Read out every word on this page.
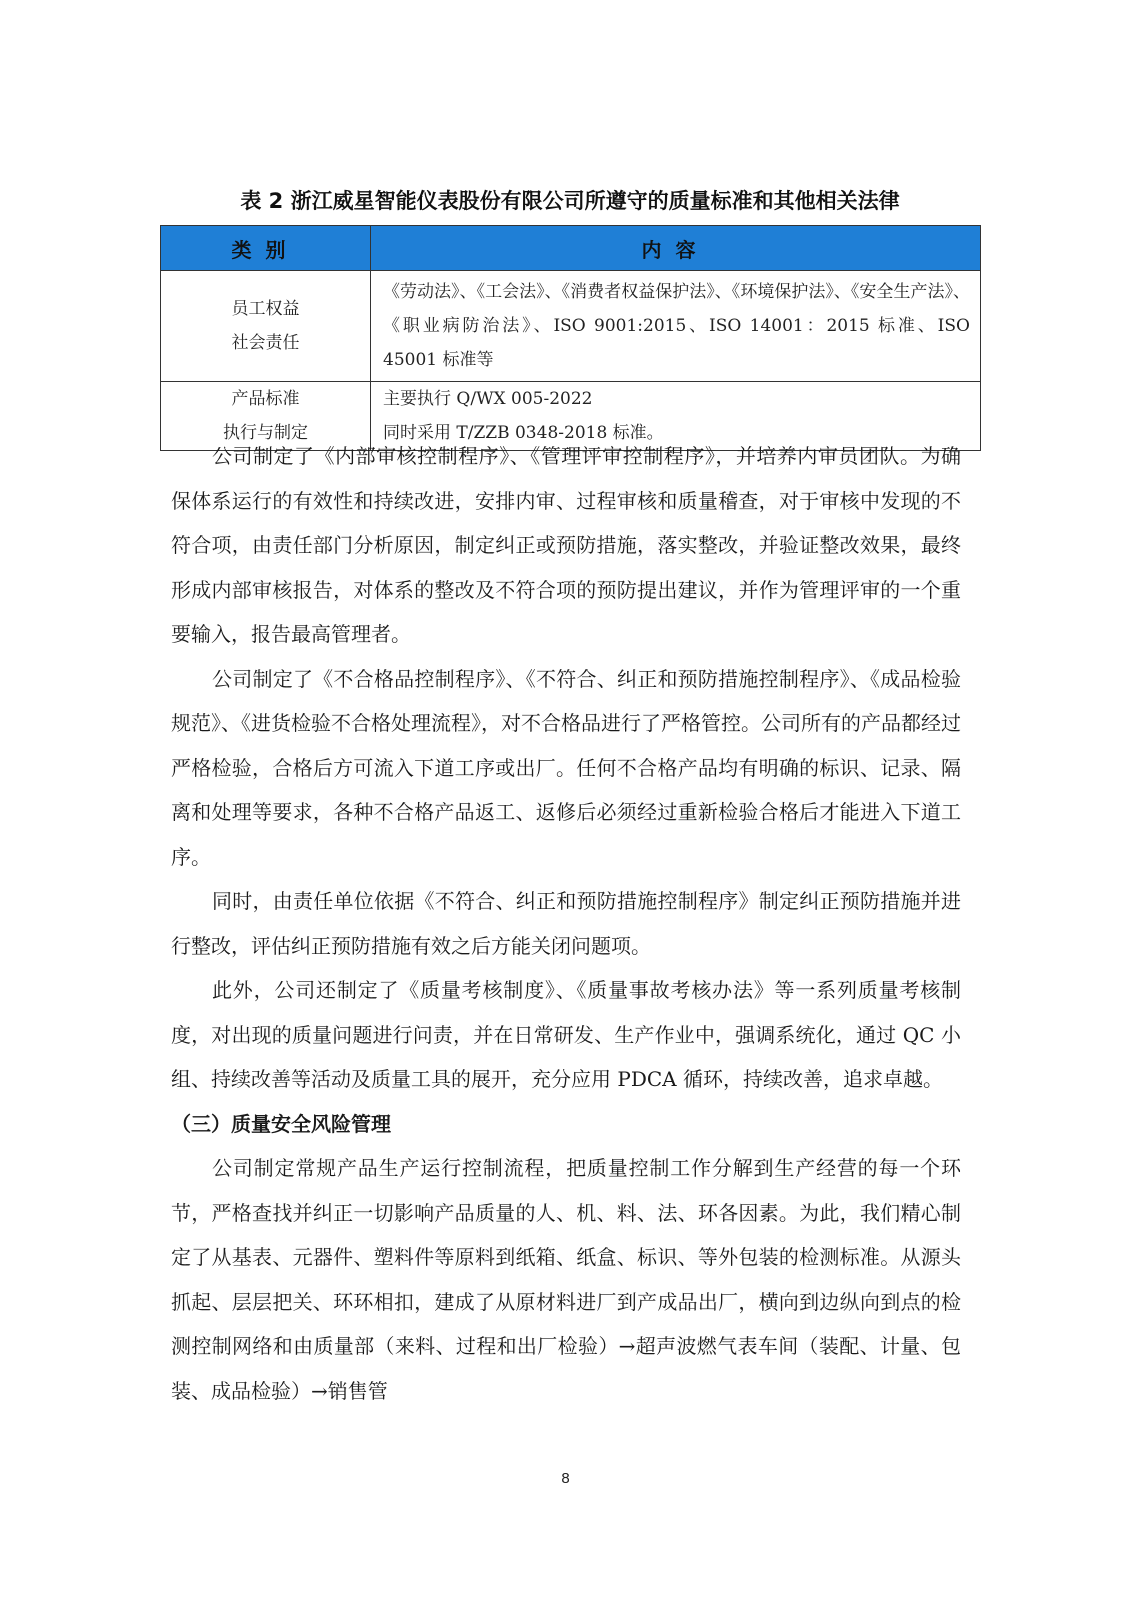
表 2 浙江威星智能仪表股份有限公司所遵守的质量标准和其他相关法律
类别	内容

员工权益
社会责任	《劳动法》、《工会法》、《消费者权益保护法》、《环境保护法》、《安全生产法》、《职业病防治法》、ISO 9001:2015、ISO 14001：2015 标准、ISO 45001 标准等

产品标准
执行与制定	主要执行 Q/WX 005-2022
同时采用 T/ZZB 0348-2018 标准。

公司制定了《内部审核控制程序》、《管理评审控制程序》，并培养内审员团队。为确保体系运行的有效性和持续改进，安排内审、过程审核和质量稽查，对于审核中发现的不符合项，由责任部门分析原因，制定纠正或预防措施，落实整改，并验证整改效果，最终形成内部审核报告，对体系的整改及不符合项的预防提出建议，并作为管理评审的一个重要输入，报告最高管理者。

公司制定了《不合格品控制程序》、《不符合、纠正和预防措施控制程序》、《成品检验规范》、《进货检验不合格处理流程》，对不合格品进行了严格管控。公司所有的产品都经过严格检验，合格后方可流入下道工序或出厂。任何不合格产品均有明确的标识、记录、隔离和处理等要求，各种不合格产品返工、返修后必须经过重新检验合格后才能进入下道工序。

同时，由责任单位依据《不符合、纠正和预防措施控制程序》制定纠正预防措施并进行整改，评估纠正预防措施有效之后方能关闭问题项。

此外，公司还制定了《质量考核制度》、《质量事故考核办法》等一系列质量考核制度，对出现的质量问题进行问责，并在日常研发、生产作业中，强调系统化，通过 QC 小组、持续改善等活动及质量工具的展开，充分应用 PDCA 循环，持续改善，追求卓越。

（三）质量安全风险管理

公司制定常规产品生产运行控制流程，把质量控制工作分解到生产经营的每一个环节，严格查找并纠正一切影响产品质量的人、机、料、法、环各因素。为此，我们精心制定了从基表、元器件、塑料件等原料到纸箱、纸盒、标识、等外包装的检测标准。从源头抓起、层层把关、环环相扣，建成了从原材料进厂到产成品出厂，横向到边纵向到点的检测控制网络和由质量部（来料、过程和出厂检验）→超声波燃气表车间（装配、计量、包装、成品检验）→销售管

8
